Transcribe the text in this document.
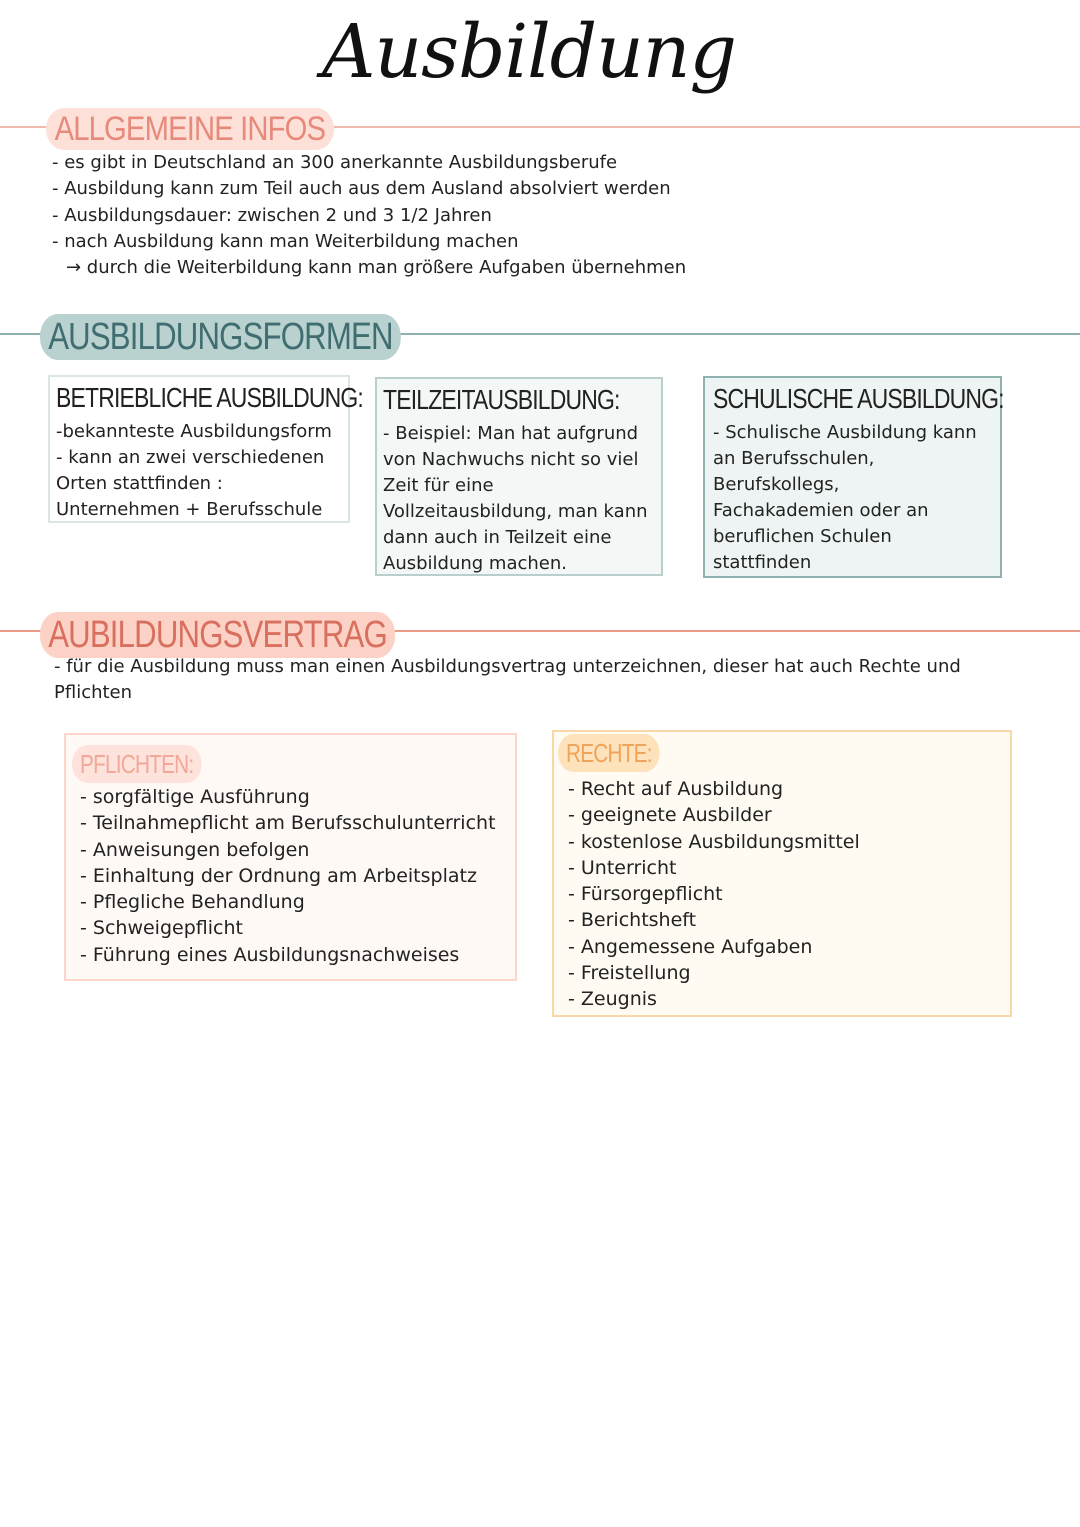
Ausbildung
ALLGEMEINE INFOS
- es gibt in Deutschland an 300 anerkannte Ausbildungsberufe
- Ausbildung kann zum Teil auch aus dem Ausland absolviert werden
- Ausbildungsdauer: zwischen 2 und 3 1/2 Jahren
- nach Ausbildung kann man Weiterbildung machen
→ durch die Weiterbildung kann man größere Aufgaben übernehmen
AUSBILDUNGSFORMEN
BETRIEBLICHE AUSBILDUNG:
-bekannteste Ausbildungsform
- kann an zwei verschiedenen
Orten stattfinden :
Unternehmen + Berufsschule
TEILZEITAUSBILDUNG:
- Beispiel: Man hat aufgrund
von Nachwuchs nicht so viel
Zeit für eine
Vollzeitausbildung, man kann
dann auch in Teilzeit eine
Ausbildung machen.
SCHULISCHE AUSBILDUNG:
- Schulische Ausbildung kann
an Berufsschulen,
Berufskollegs,
Fachakademien oder an
beruflichen Schulen
stattfinden
AUBILDUNGSVERTRAG
- für die Ausbildung muss man einen Ausbildungsvertrag unterzeichnen, dieser hat auch Rechte und
Pflichten
PFLICHTEN:
- sorgfältige Ausführung
- Teilnahmepflicht am Berufsschulunterricht
- Anweisungen befolgen
- Einhaltung der Ordnung am Arbeitsplatz
- Pflegliche Behandlung
- Schweigepflicht
- Führung eines Ausbildungsnachweises
RECHTE:
- Recht auf Ausbildung
- geeignete Ausbilder
- kostenlose Ausbildungsmittel
- Unterricht
- Fürsorgepflicht
- Berichtsheft
- Angemessene Aufgaben
- Freistellung
- Zeugnis
